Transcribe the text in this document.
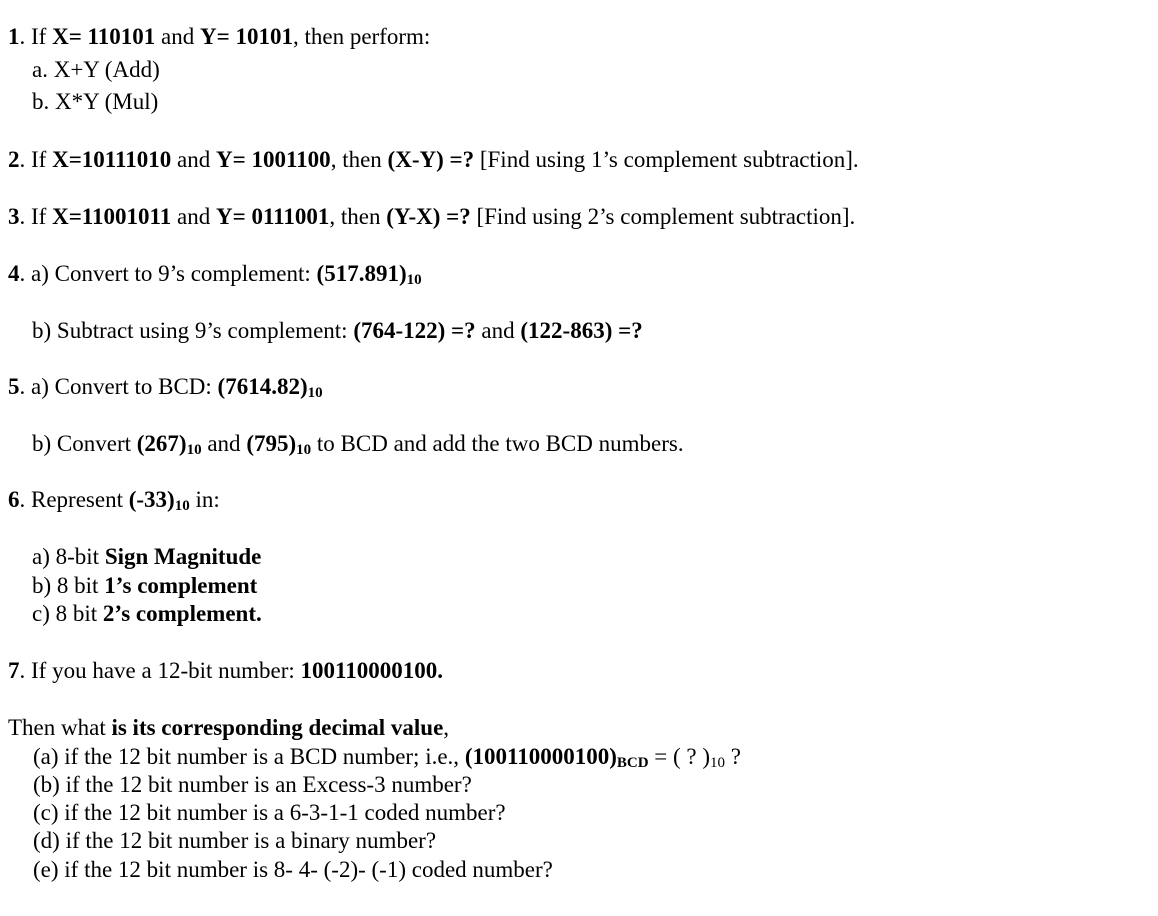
1. If X= 110101 and Y= 10101, then perform:
a. X+Y (Add)
b. X*Y (Mul)
2. If X=10111010 and Y= 1001100, then (X-Y) =? [Find using 1’s complement subtraction].
3. If X=11001011 and Y= 0111001, then (Y-X) =? [Find using 2’s complement subtraction].
4. a) Convert to 9’s complement: (517.891)10
b) Subtract using 9’s complement: (764-122) =? and (122-863) =?
5. a) Convert to BCD: (7614.82)10
b) Convert (267)10 and (795)10 to BCD and add the two BCD numbers.
6. Represent (-33)10 in:
a) 8-bit Sign Magnitude
b) 8 bit 1’s complement
c) 8 bit 2’s complement.
7. If you have a 12-bit number: 100110000100.
Then what is its corresponding decimal value,
(a) if the 12 bit number is a BCD number; i.e., (100110000100)BCD = ( ? )10 ?
(b) if the 12 bit number is an Excess-3 number?
(c) if the 12 bit number is a 6-3-1-1 coded number?
(d) if the 12 bit number is a binary number?
(e) if the 12 bit number is 8- 4- (-2)- (-1) coded number?
